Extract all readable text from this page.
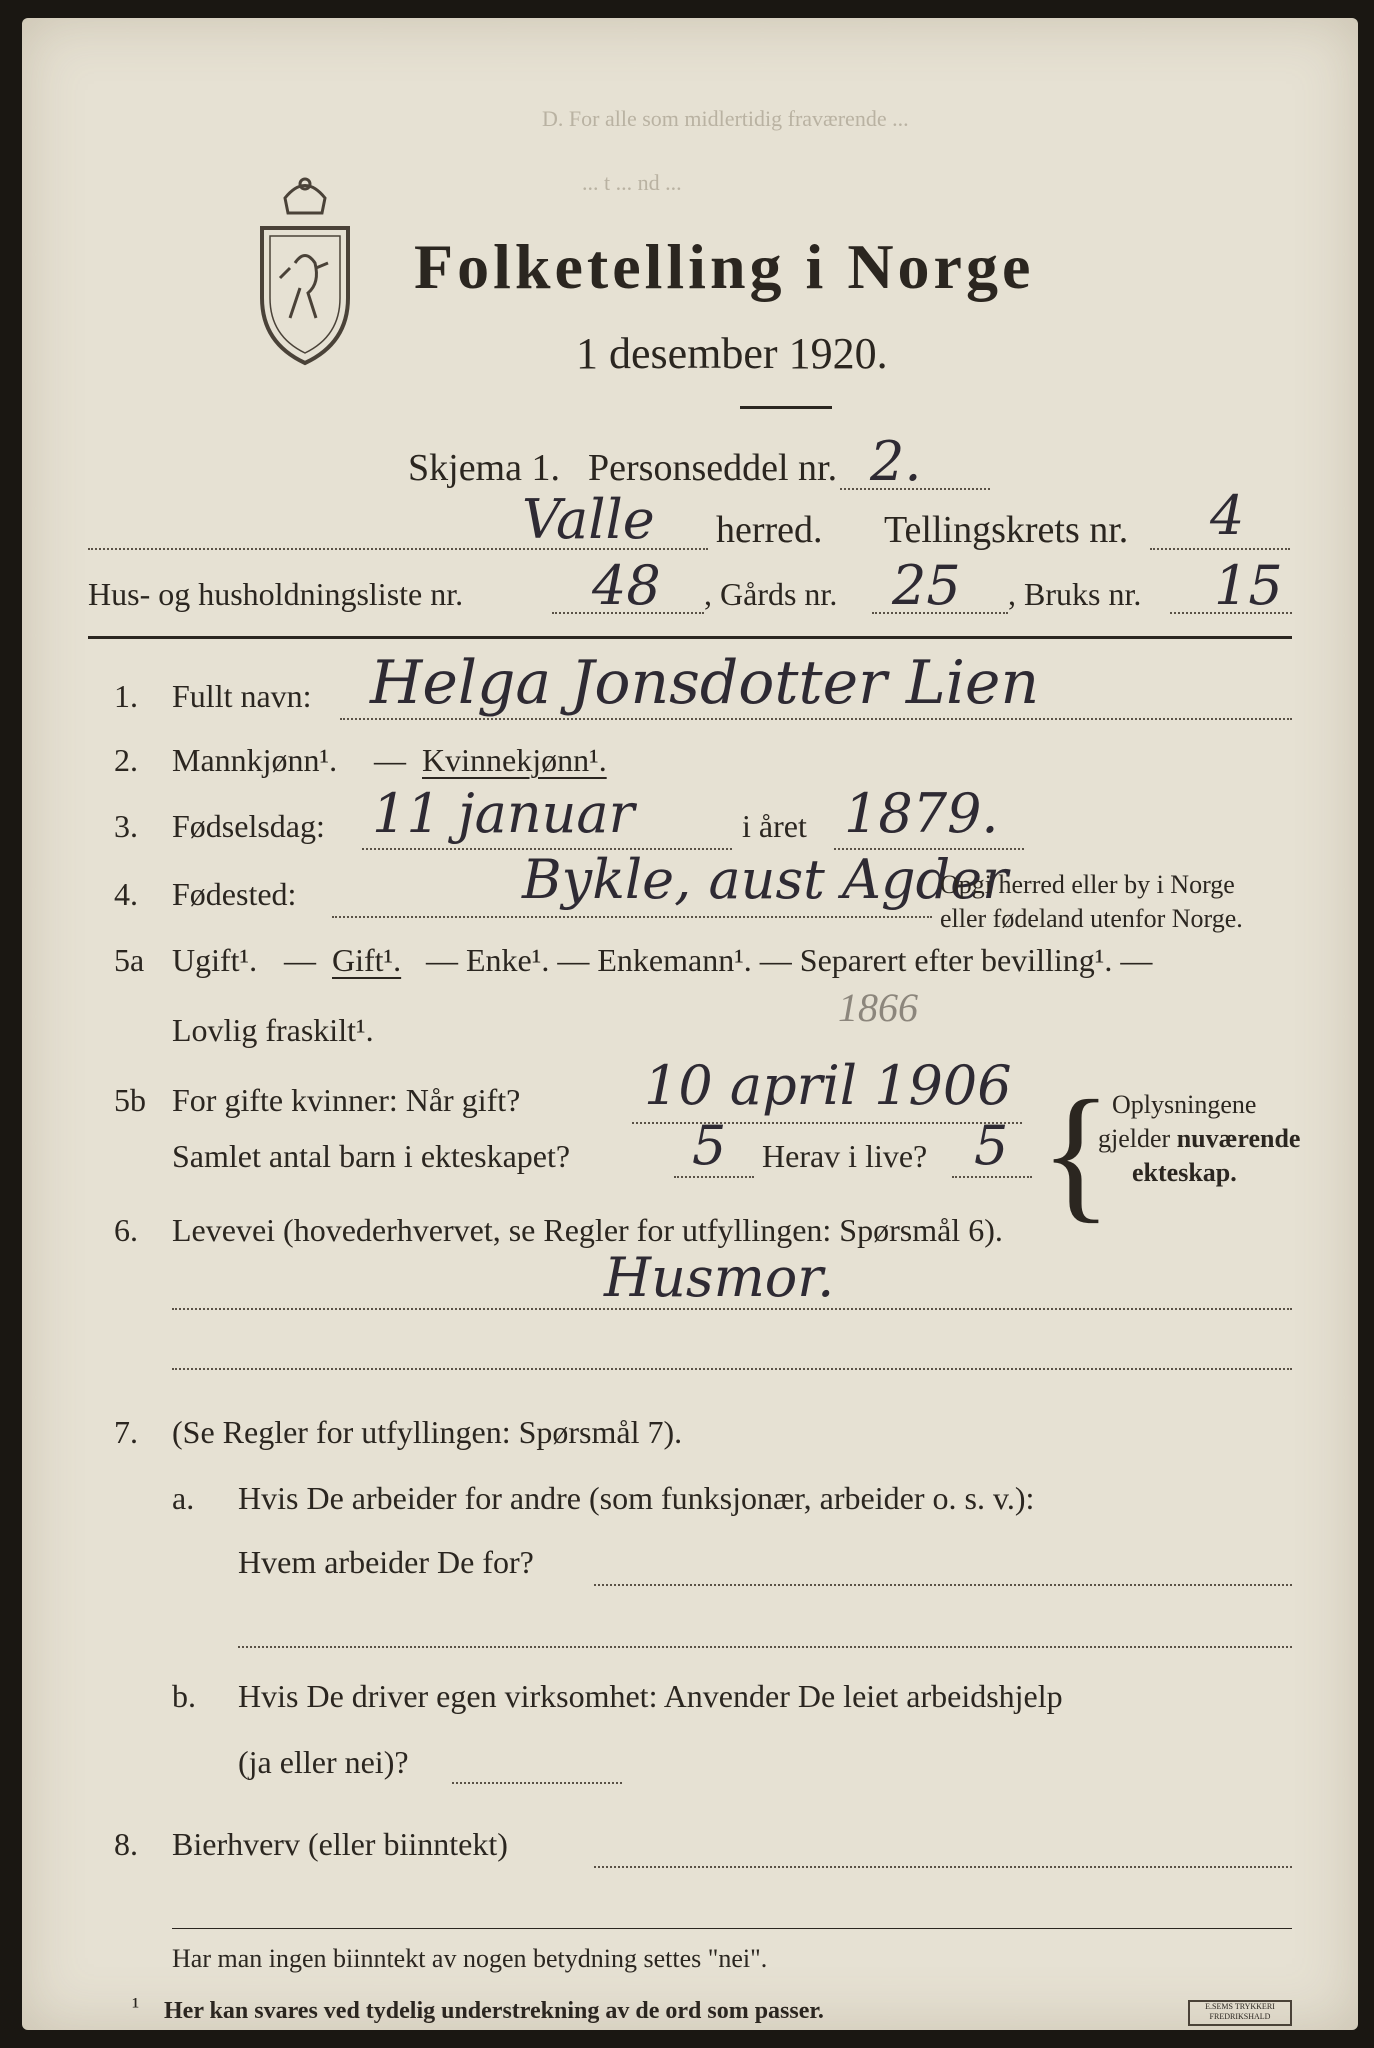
D. For alle som midlertidig fraværende ...
... t ... nd ...
Folketelling i Norge
1 desember 1920.
Skjema 1. Personseddel nr. 2.
Valle herred. Tellingskrets nr. 4
Hus- og husholdningsliste nr. 48 , Gårds nr. 25 , Bruks nr. 15
1. Fullt navn: Helga Jonsdotter Lien
2. Mannkjønn¹. — Kvinnekjønn¹.
3. Fødselsdag: 11 januar	i året 1879.
4. Fødested:	Bykle, aust Agder
Opgi herred eller by i Norge
eller fødeland utenfor Norge.
5a Ugift¹. — Gift¹. — Enke¹. — Enkemann¹. — Separert efter bevilling¹. —
Lovlig fraskilt¹.	1866
5b For gifte kvinner: Når gift? 10 april 1906
Samlet antal barn i ekteskapet? 5 Herav i live? 5 { Oplysningene
gjelder nuværende
ekteskap.
6. Levevei (hovederhvervet, se Regler for utfyllingen: Spørsmål 6).
Husmor.
7. (Se Regler for utfyllingen: Spørsmål 7).
a. Hvis De arbeider for andre (som funksjonær, arbeider o. s. v.):
Hvem arbeider De for?
b. Hvis De driver egen virksomhet: Anvender De leiet arbeidshjelp
(ja eller nei)?
8. Bierhverv (eller biinntekt)
Har man ingen biinntekt av nogen betydning settes "nei".
¹ Her kan svares ved tydelig understrekning av de ord som passer.	E.SEMS TRYKKERI FREDRIKSHALD
